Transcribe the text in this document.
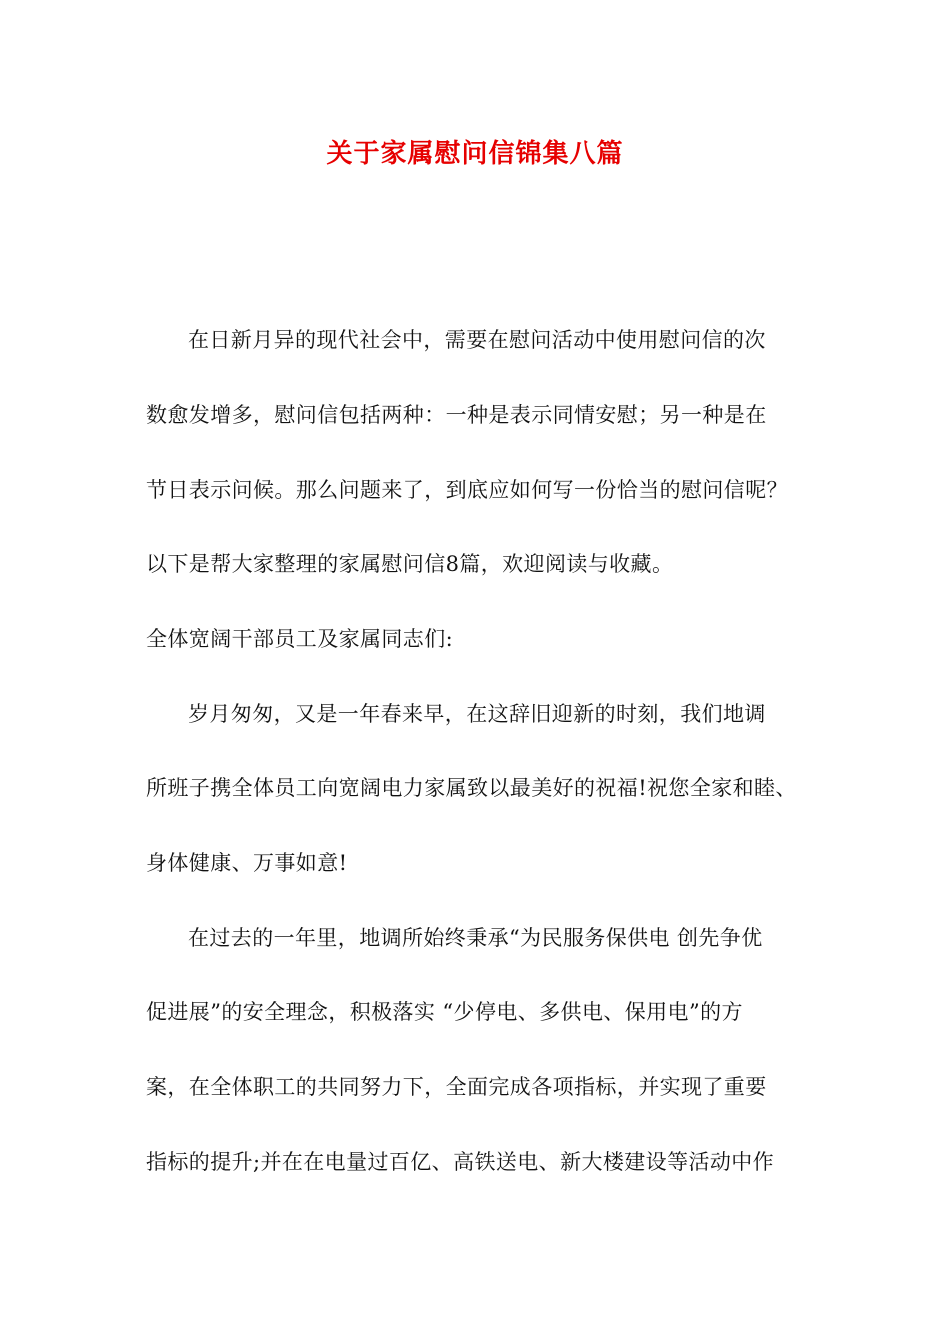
关于家属慰问信锦集八篇
在日新月异的现代社会中，需要在慰问活动中使用慰问信的次
数愈发增多，慰问信包括两种：一种是表示同情安慰；另一种是在
节日表示问候。那么问题来了，到底应如何写一份恰当的慰问信呢？
以下是帮大家整理的家属慰问信8篇，欢迎阅读与收藏。
全体宽阔干部员工及家属同志们:
岁月匆匆，又是一年春来早，在这辞旧迎新的时刻，我们地调
所班子携全体员工向宽阔电力家属致以最美好的祝福!祝您全家和睦、
身体健康、万事如意!
在过去的一年里，地调所始终秉承“为民服务保供电 创先争优
促进展”的安全理念，积极落实 “少停电、多供电、保用电”的方
案，在全体职工的共同努力下，全面完成各项指标，并实现了重要
指标的提升;并在在电量过百亿、高铁送电、新大楼建设等活动中作
